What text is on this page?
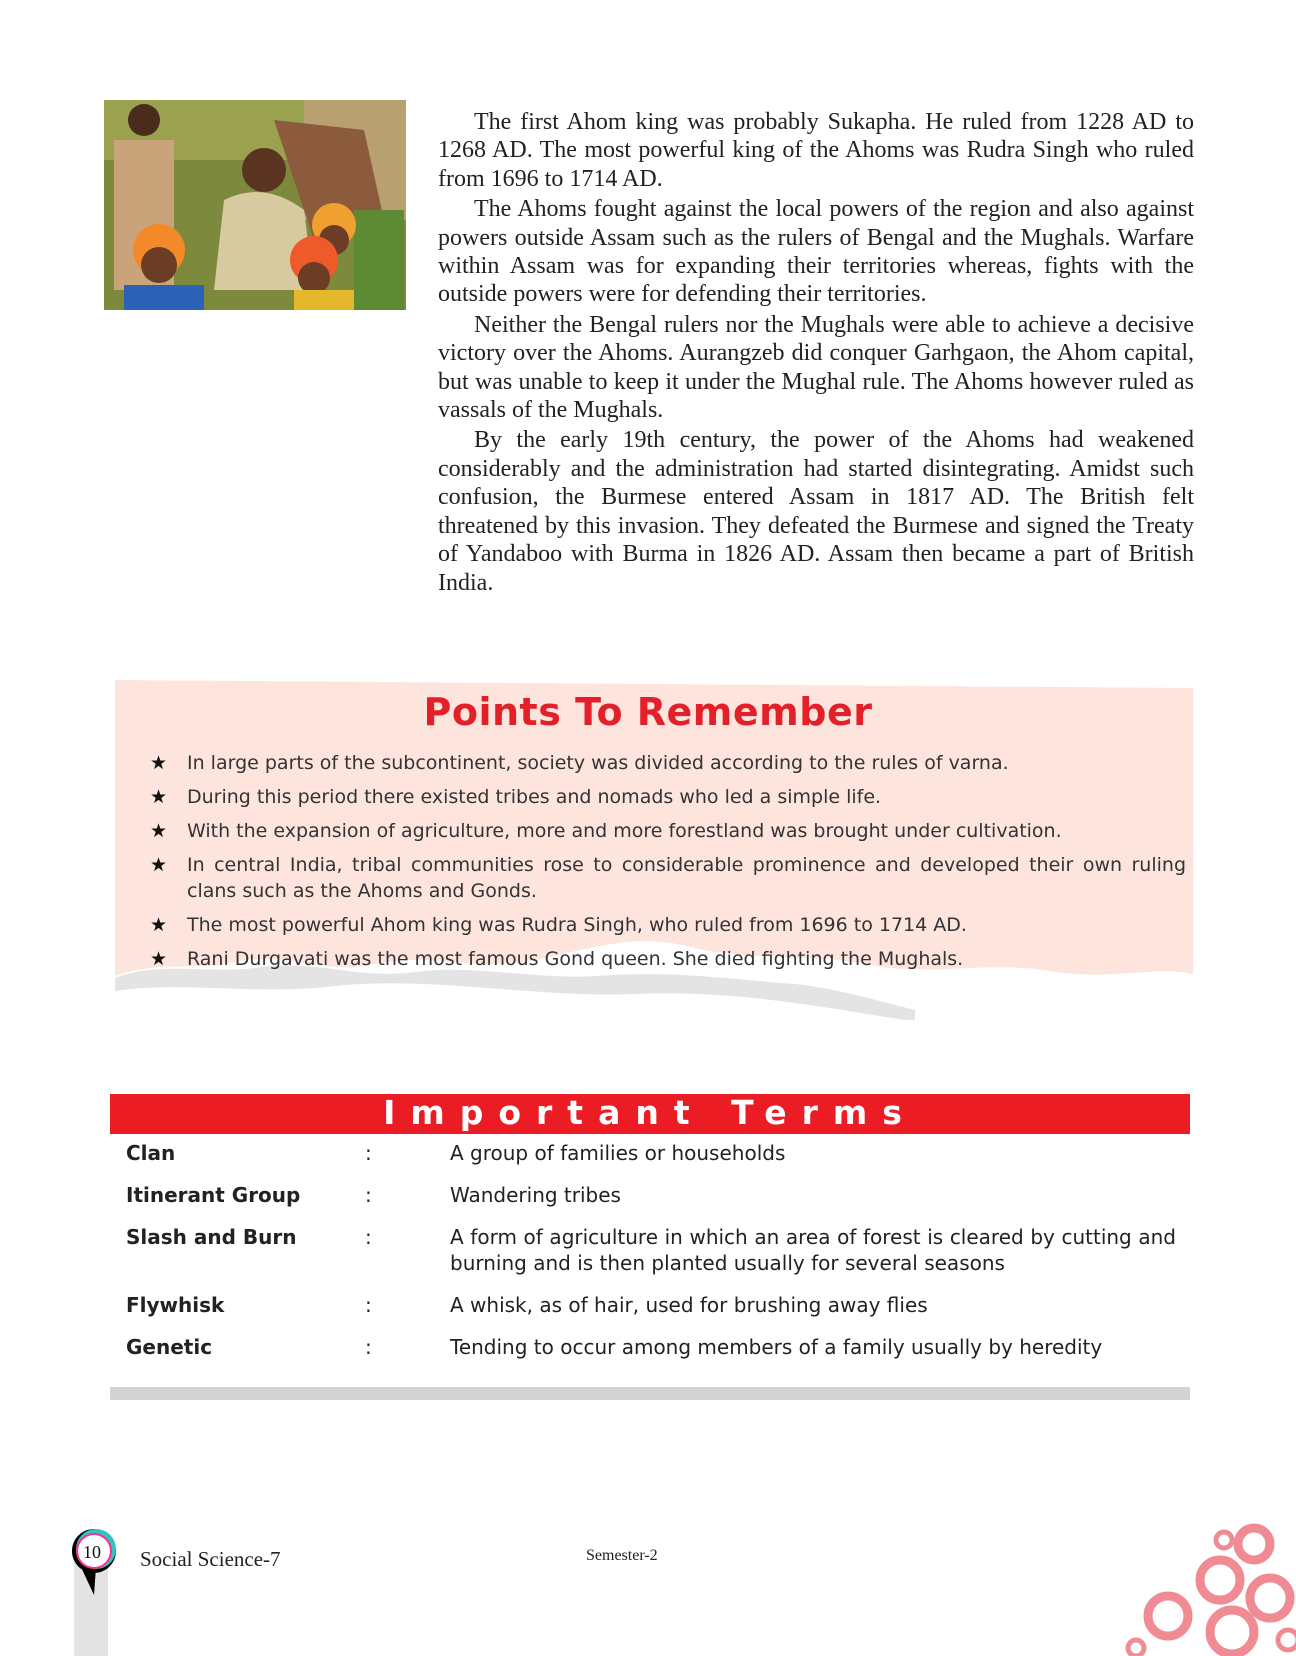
The first Ahom king was probably Sukapha. He ruled from 1228 AD to 1268 AD. The most powerful king of the Ahoms was Rudra Singh who ruled from 1696 to 1714 AD.

The Ahoms fought against the local powers of the region and also against powers outside Assam such as the rulers of Bengal and the Mughals. Warfare within Assam was for expanding their territories whereas, fights with the outside powers were for defending their territories.

Neither the Bengal rulers nor the Mughals were able to achieve a decisive victory over the Ahoms. Aurangzeb did conquer Garhgaon, the Ahom capital, but was unable to keep it under the Mughal rule. The Ahoms however ruled as vassals of the Mughals.

By the early 19th century, the power of the Ahoms had weakened considerably and the administration had started disintegrating. Amidst such confusion, the Burmese entered Assam in 1817 AD. The British felt threatened by this invasion. They defeated the Burmese and signed the Treaty of Yandaboo with Burma in 1826 AD. Assam then became a part of British India.

Points To Remember
★ In large parts of the subcontinent, society was divided according to the rules of varna.
★ During this period there existed tribes and nomads who led a simple life.
★ With the expansion of agriculture, more and more forestland was brought under cultivation.
★ In central India, tribal communities rose to considerable prominence and developed their own ruling clans such as the Ahoms and Gonds.
★ The most powerful Ahom king was Rudra Singh, who ruled from 1696 to 1714 AD.
★ Rani Durgavati was the most famous Gond queen. She died fighting the Mughals.
Important Terms
Clan	:	A group of families or households
Itinerant Group	:	Wandering tribes
Slash and Burn	:	A form of agriculture in which an area of forest is cleared by cutting and burning and is then planted usually for several seasons
Flywhisk	:	A whisk, as of hair, used for brushing away flies
Genetic	:	Tending to occur among members of a family usually by heredity
10	Social Science-7	Semester-2
